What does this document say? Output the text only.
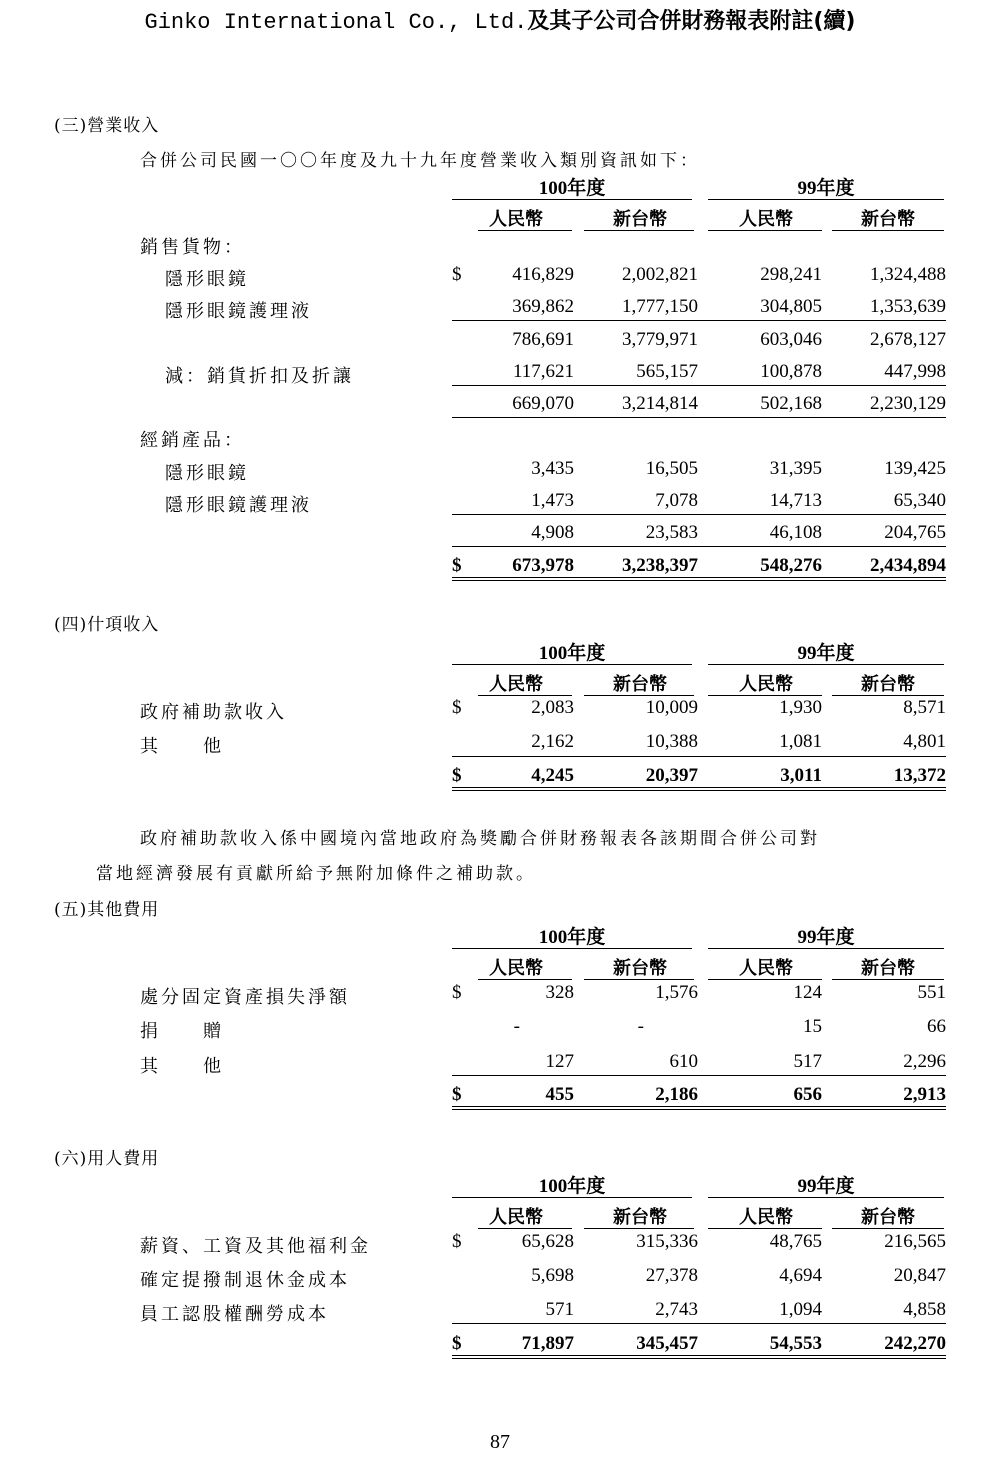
Ginko International Co., Ltd.及其子公司合併財務報表附註(續)
(三)營業收入
合併公司民國一〇〇年度及九十九年度營業收入類別資訊如下：
100年度	99年度
人民幣	新台幣	人民幣	新台幣
銷售貨物：
隱形眼鏡	$	416,829	2,002,821	298,241	1,324,488
隱形眼鏡護理液	369,862	1,777,150	304,805	1,353,639
786,691	3,779,971	603,046	2,678,127
減：銷貨折扣及折讓	117,621	565,157	100,878	447,998
669,070	3,214,814	502,168	2,230,129
經銷產品：
隱形眼鏡	3,435	16,505	31,395	139,425
隱形眼鏡護理液	1,473	7,078	14,713	65,340
4,908	23,583	46,108	204,765
$	673,978	3,238,397	548,276	2,434,894
(四)什項收入
100年度	99年度
人民幣	新台幣	人民幣	新台幣
政府補助款收入	$	2,083	10,009	1,930	8,571
其　　他	2,162	10,388	1,081	4,801
$	4,245	20,397	3,011	13,372
政府補助款收入係中國境內當地政府為獎勵合併財務報表各該期間合併公司對
當地經濟發展有貢獻所給予無附加條件之補助款。
(五)其他費用
100年度	99年度
人民幣	新台幣	人民幣	新台幣
處分固定資產損失淨額	$	328	1,576	124	551
捐　　贈	-	-	15	66
其　　他	127	610	517	2,296
$	455	2,186	656	2,913
(六)用人費用
100年度	99年度
人民幣	新台幣	人民幣	新台幣
薪資、工資及其他福利金	$	65,628	315,336	48,765	216,565
確定提撥制退休金成本	5,698	27,378	4,694	20,847
員工認股權酬勞成本	571	2,743	1,094	4,858
$	71,897	345,457	54,553	242,270
87
